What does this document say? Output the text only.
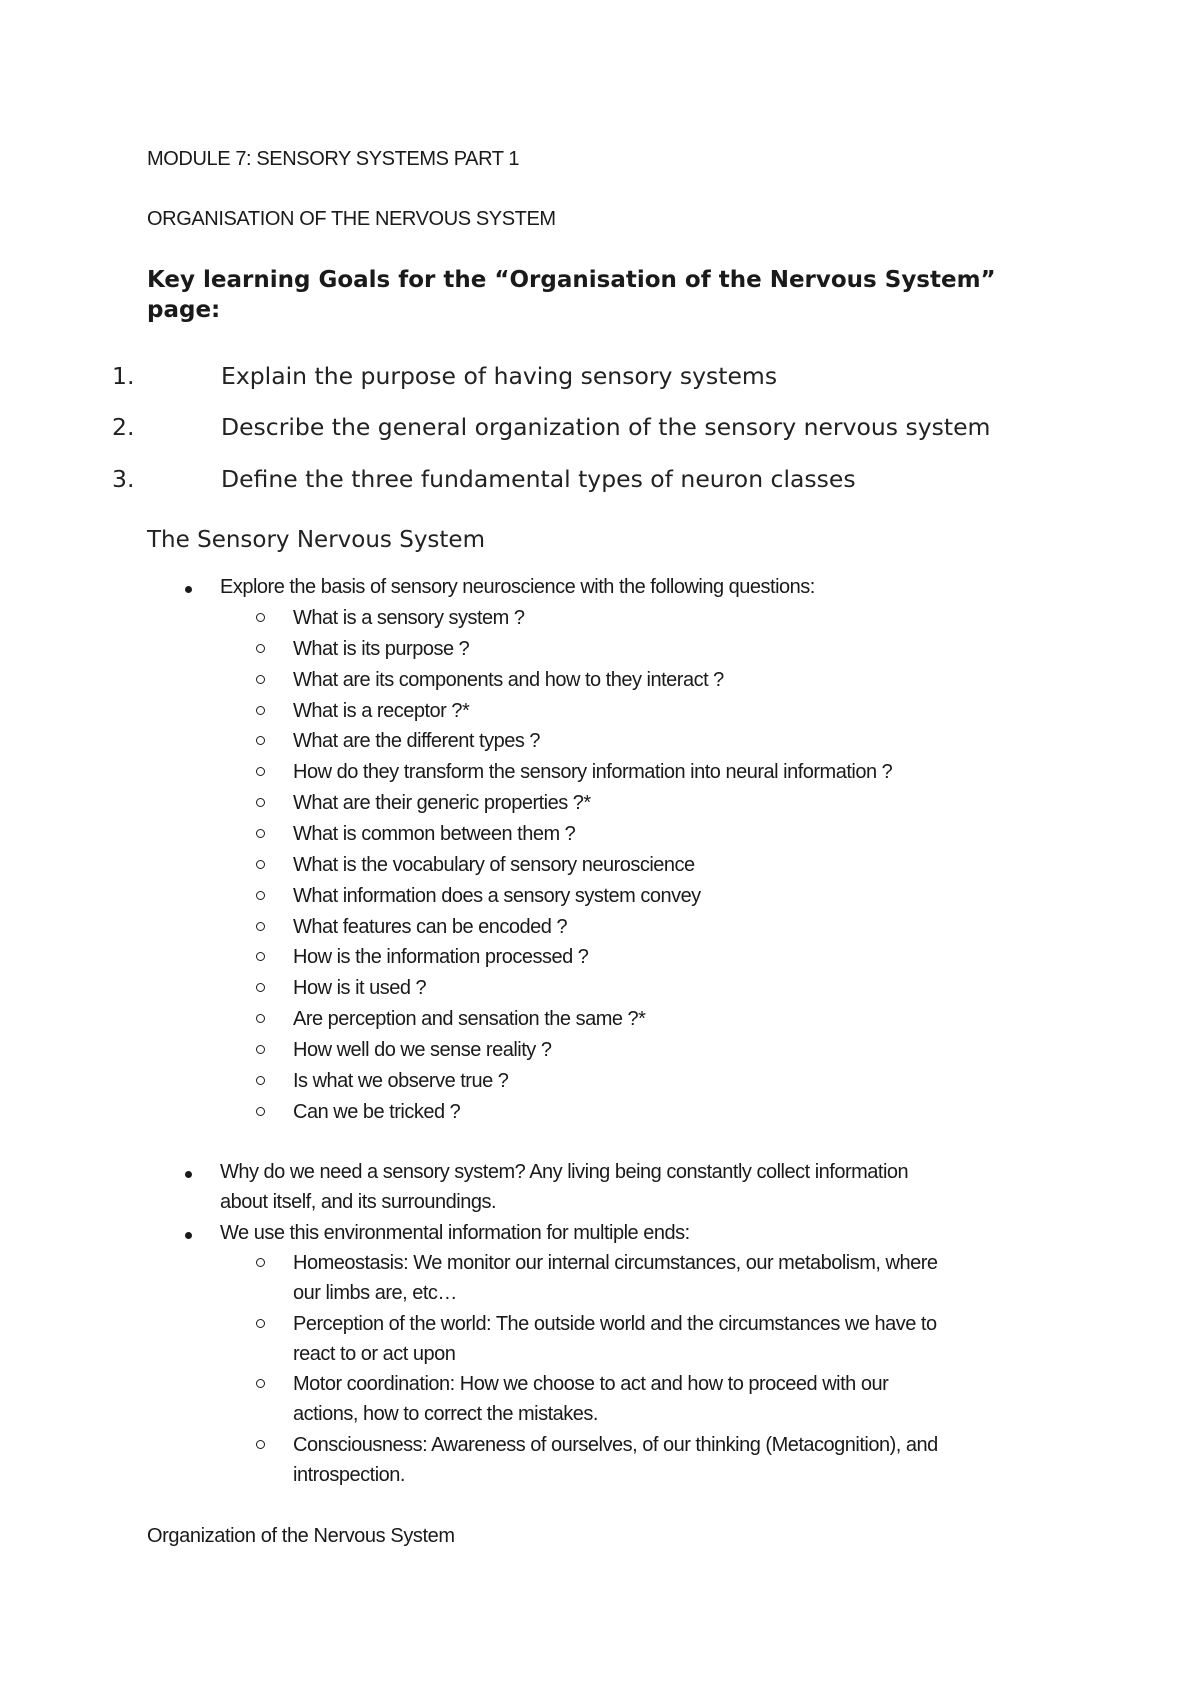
MODULE 7: SENSORY SYSTEMS PART 1
ORGANISATION OF THE NERVOUS SYSTEM
Key learning Goals for the “Organisation of the Nervous System”
page:
1.	Explain the purpose of having sensory systems
2.	Describe the general organization of the sensory nervous system
3.	Define the three fundamental types of neuron classes
The Sensory Nervous System
Explore the basis of sensory neuroscience with the following questions:
What is a sensory system ?
What is its purpose ?
What are its components and how to they interact ?
What is a receptor ?*
What are the different types ?
How do they transform the sensory information into neural information ?
What are their generic properties ?*
What is common between them ?
What is the vocabulary of sensory neuroscience
What information does a sensory system convey
What features can be encoded ?
How is the information processed ?
How is it used ?
Are perception and sensation the same ?*
How well do we sense reality ?
Is what we observe true ?
Can we be tricked ?
Why do we need a sensory system? Any living being constantly collect information
about itself, and its surroundings.
We use this environmental information for multiple ends:
Homeostasis: We monitor our internal circumstances, our metabolism, where
our limbs are, etc…
Perception of the world: The outside world and the circumstances we have to
react to or act upon
Motor coordination: How we choose to act and how to proceed with our
actions, how to correct the mistakes.
Consciousness: Awareness of ourselves, of our thinking (Metacognition), and
introspection.
Organization of the Nervous System
